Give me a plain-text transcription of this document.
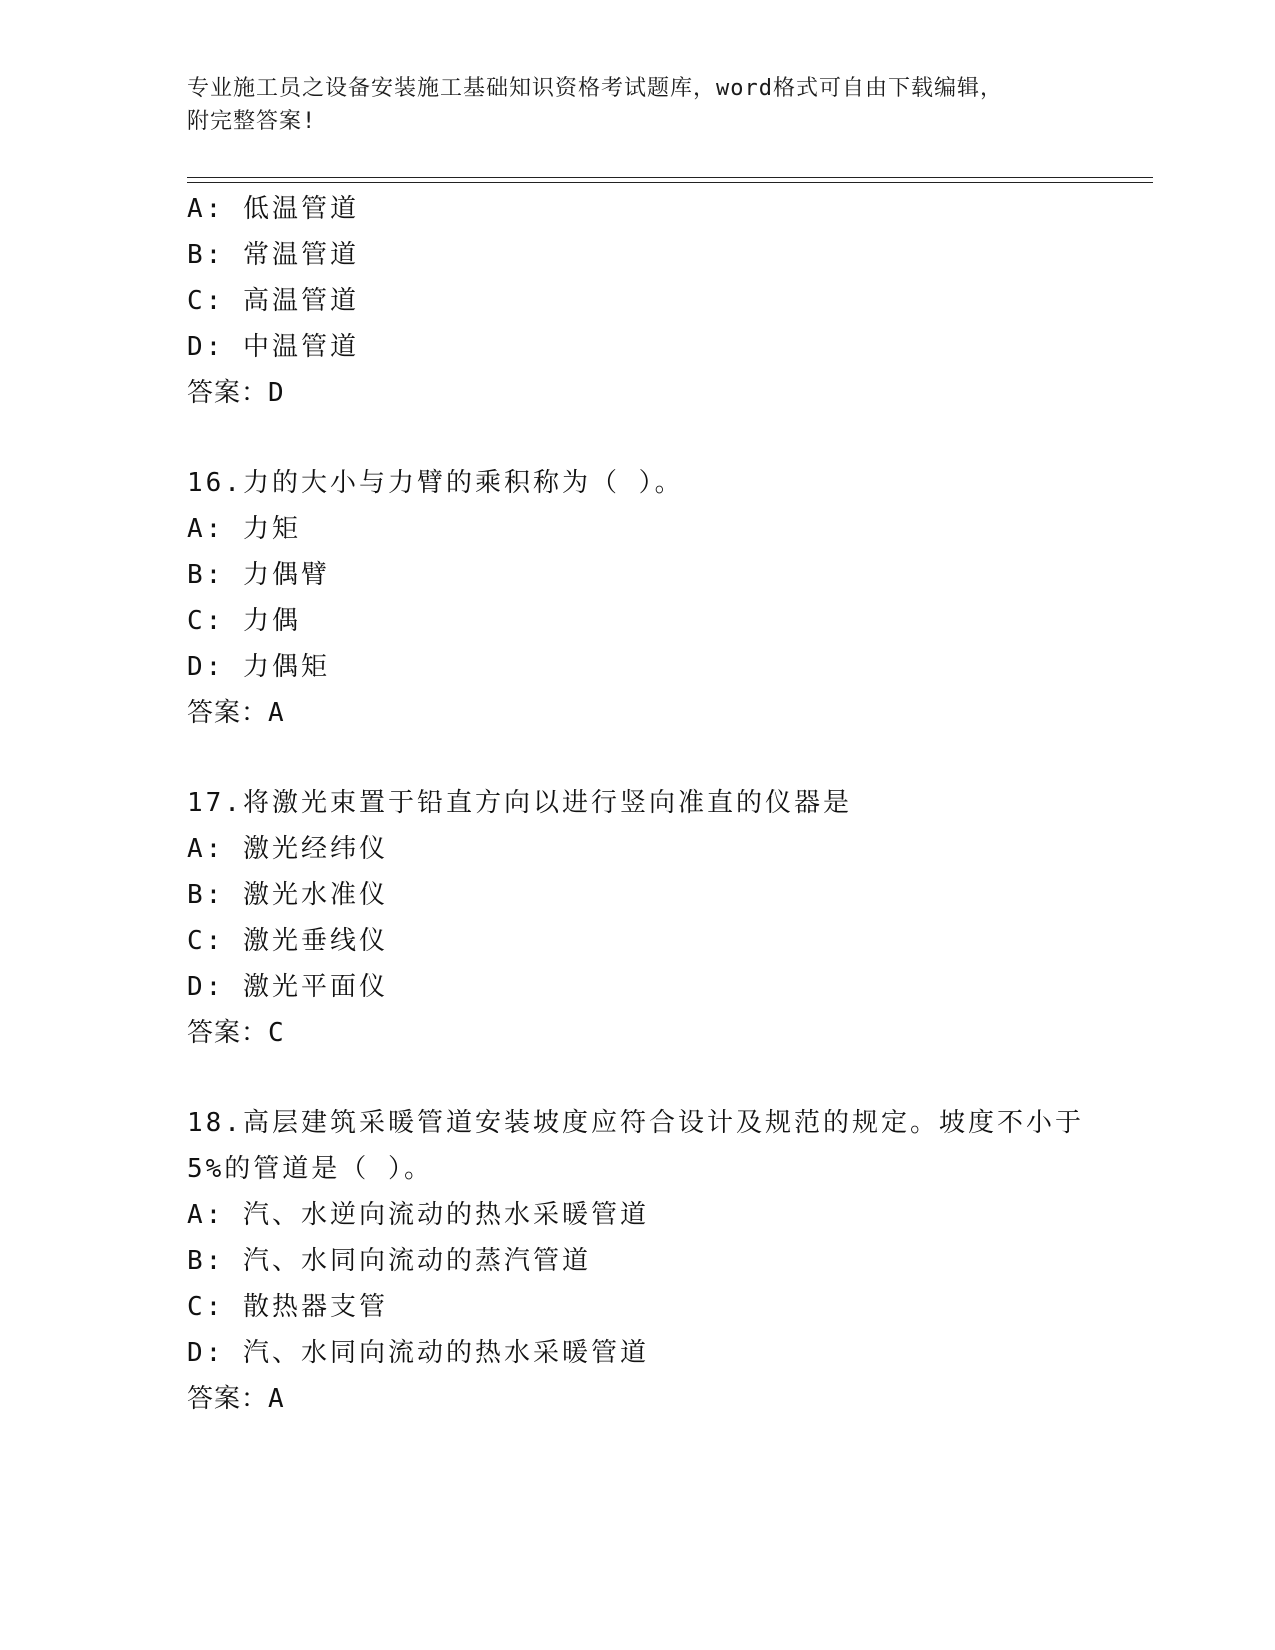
专业施工员之设备安装施工基础知识资格考试题库，word格式可自由下载编辑，
附完整答案!
A: 低温管道
B: 常温管道
C: 高温管道
D: 中温管道
答案：D
16.力的大小与力臂的乘积称为（ ）。
A: 力矩
B: 力偶臂
C: 力偶
D: 力偶矩
答案：A
17.将激光束置于铅直方向以进行竖向准直的仪器是
A: 激光经纬仪
B: 激光水准仪
C: 激光垂线仪
D: 激光平面仪
答案：C
18.高层建筑采暖管道安装坡度应符合设计及规范的规定。坡度不小于
5%的管道是（ ）。
A: 汽、水逆向流动的热水采暖管道
B: 汽、水同向流动的蒸汽管道
C: 散热器支管
D: 汽、水同向流动的热水采暖管道
答案：A
